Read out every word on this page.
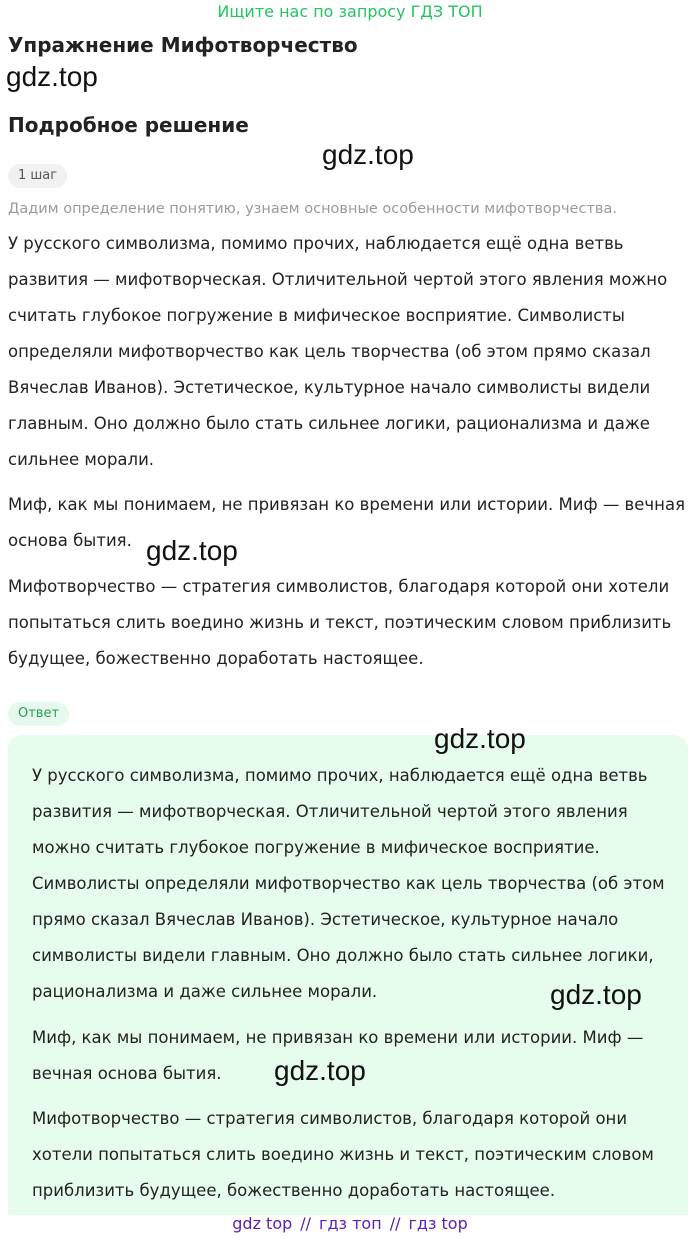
Ищите нас по запросу ГДЗ ТОП
Упражнение Мифотворчество
gdz.top
Подробное решение
gdz.top
1 шаг
Дадим определение понятию, узнаем основные особенности мифотворчества.
У русского символизма, помимо прочих, наблюдается ещё одна ветвь
развития — мифотворческая. Отличительной чертой этого явления можно
считать глубокое погружение в мифическое восприятие. Символисты
определяли мифотворчество как цель творчества (об этом прямо сказал
Вячеслав Иванов). Эстетическое, культурное начало символисты видели
главным. Оно должно было стать сильнее логики, рационализма и даже
сильнее морали.
Миф, как мы понимаем, не привязан ко времени или истории. Миф — вечная
основа бытия. gdz.top
Мифотворчество — стратегия символистов, благодаря которой они хотели
попытаться слить воедино жизнь и текст, поэтическим словом приблизить
будущее, божественно доработать настоящее.
Ответ
gdz.top
У русского символизма, помимо прочих, наблюдается ещё одна ветвь
развития — мифотворческая. Отличительной чертой этого явления
можно считать глубокое погружение в мифическое восприятие.
Символисты определяли мифотворчество как цель творчества (об этом
прямо сказал Вячеслав Иванов). Эстетическое, культурное начало
символисты видели главным. Оно должно было стать сильнее логики,
рационализма и даже сильнее морали.	gdz.top
Миф, как мы понимаем, не привязан ко времени или истории. Миф —
вечная основа бытия.	gdz.top
Мифотворчество — стратегия символистов, благодаря которой они
хотели попытаться слить воедино жизнь и текст, поэтическим словом
приблизить будущее, божественно доработать настоящее.
gdz top // гдз топ // гдз top
